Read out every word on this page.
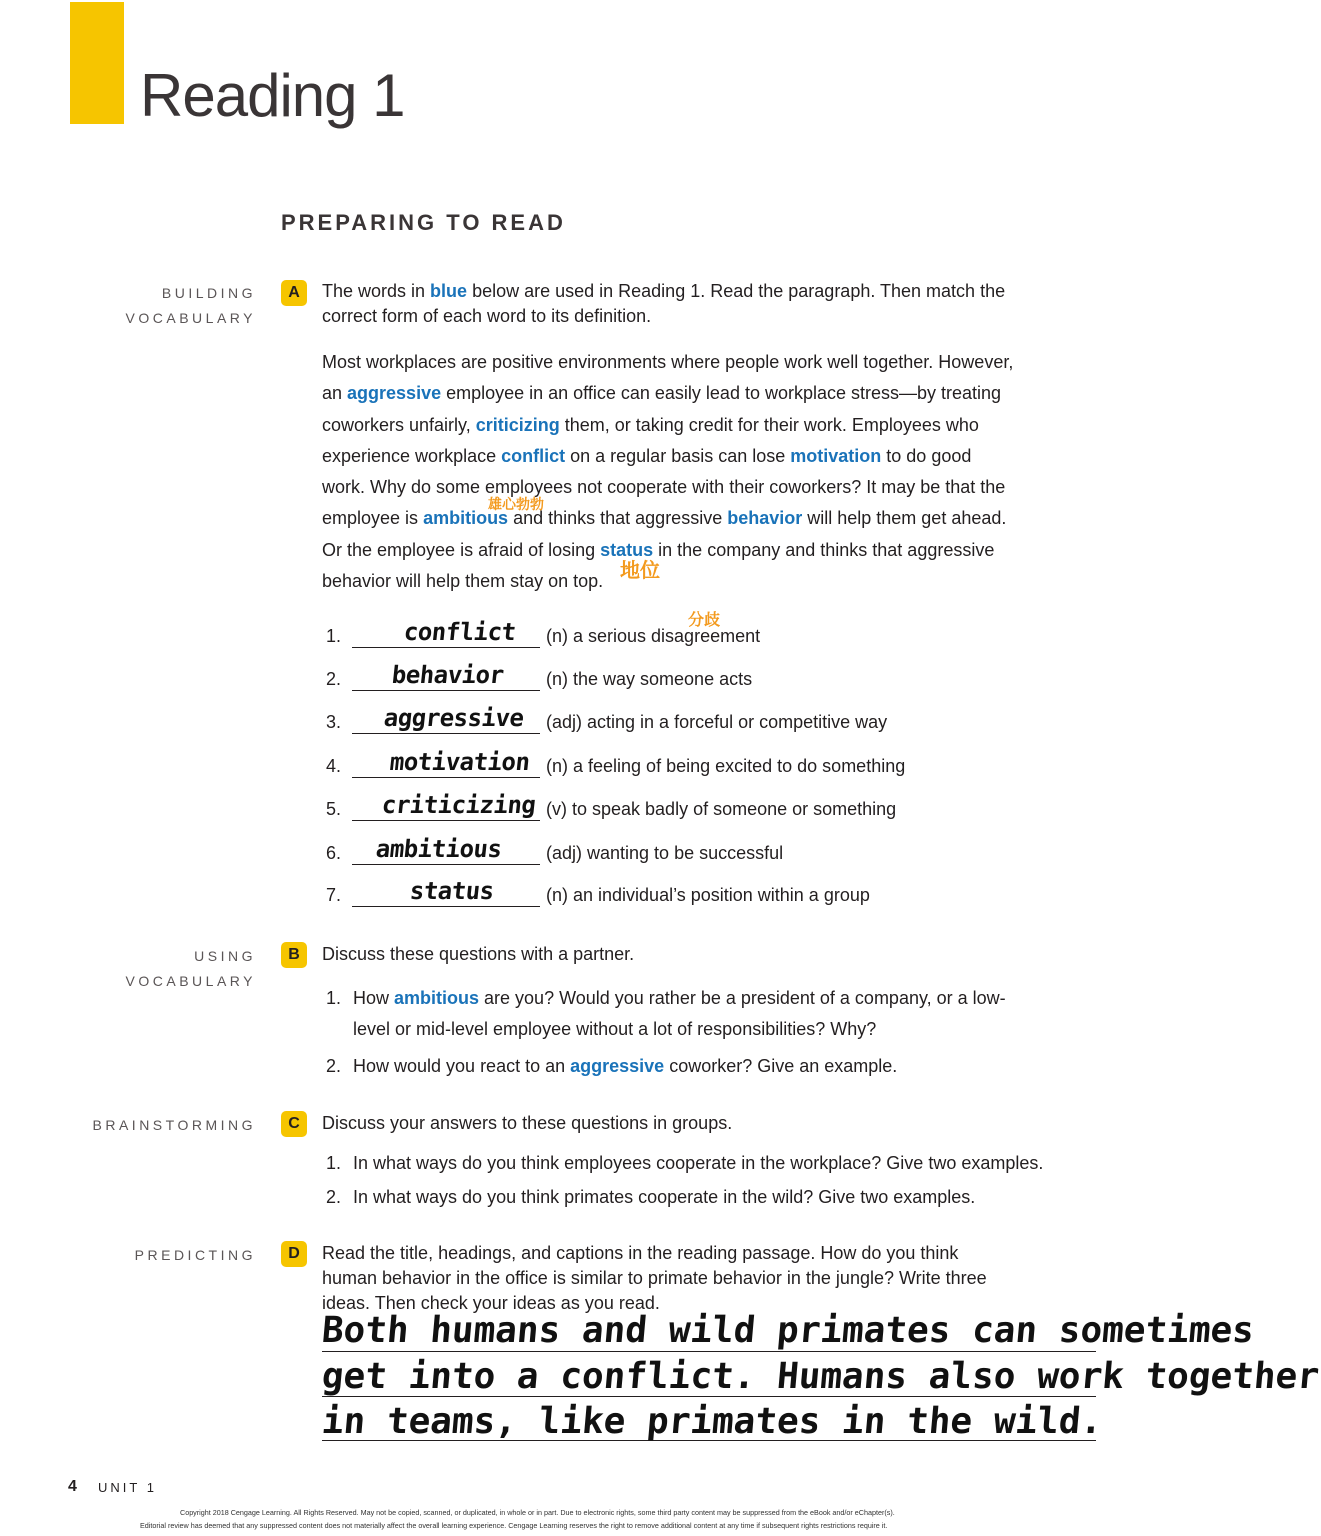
Reading 1
PREPARING TO READ
BUILDING
VOCABULARY
A	The words in blue below are used in Reading 1. Read the paragraph. Then match the
correct form of each word to its definition.
Most workplaces are positive environments where people work well together. However,
an aggressive employee in an office can easily lead to workplace stress—by treating
coworkers unfairly, criticizing them, or taking credit for their work. Employees who
experience workplace conflict on a regular basis can lose motivation to do good
work. Why do some employees not cooperate with their coworkers? It may be that the
employee is ambitious and thinks that aggressive behavior will help them get ahead.
Or the employee is afraid of losing status in the company and thinks that aggressive
behavior will help them stay on top.
雄心勃勃
地位
分歧
1.	conflict (n) a serious disagreement
2. behavior (n) the way someone acts
3. aggressive (adj) acting in a forceful or competitive way
4. motivation (n) a feeling of being excited to do something
5. criticizing (v) to speak badly of someone or something
6. ambitious (adj) wanting to be successful
7.	status	(n) an individual’s position within a group
USING
VOCABULARY
B	Discuss these questions with a partner.
1. How ambitious are you? Would you rather be a president of a company, or a low-
level or mid-level employee without a lot of responsibilities? Why?
2. How would you react to an aggressive coworker? Give an example.
BRAINSTORMING	C	Discuss your answers to these questions in groups.
1. In what ways do you think employees cooperate in the workplace? Give two examples.
2. In what ways do you think primates cooperate in the wild? Give two examples.
PREDICTING	D	Read the title, headings, and captions in the reading passage. How do you think
human behavior in the office is similar to primate behavior in the jungle? Write three
ideas. Then check your ideas as you read.
Both humans and wild primates can sometimes
get into a conflict. Humans also work together
in teams, like primates in the wild.
4 UNIT 1
Copyright 2018 Cengage Learning. All Rights Reserved. May not be copied, scanned, or duplicated, in whole or in part. Due to electronic rights, some third party content may be suppressed from the eBook and/or eChapter(s).
Editorial review has deemed that any suppressed content does not materially affect the overall learning experience. Cengage Learning reserves the right to remove additional content at any time if subsequent rights restrictions require it.
